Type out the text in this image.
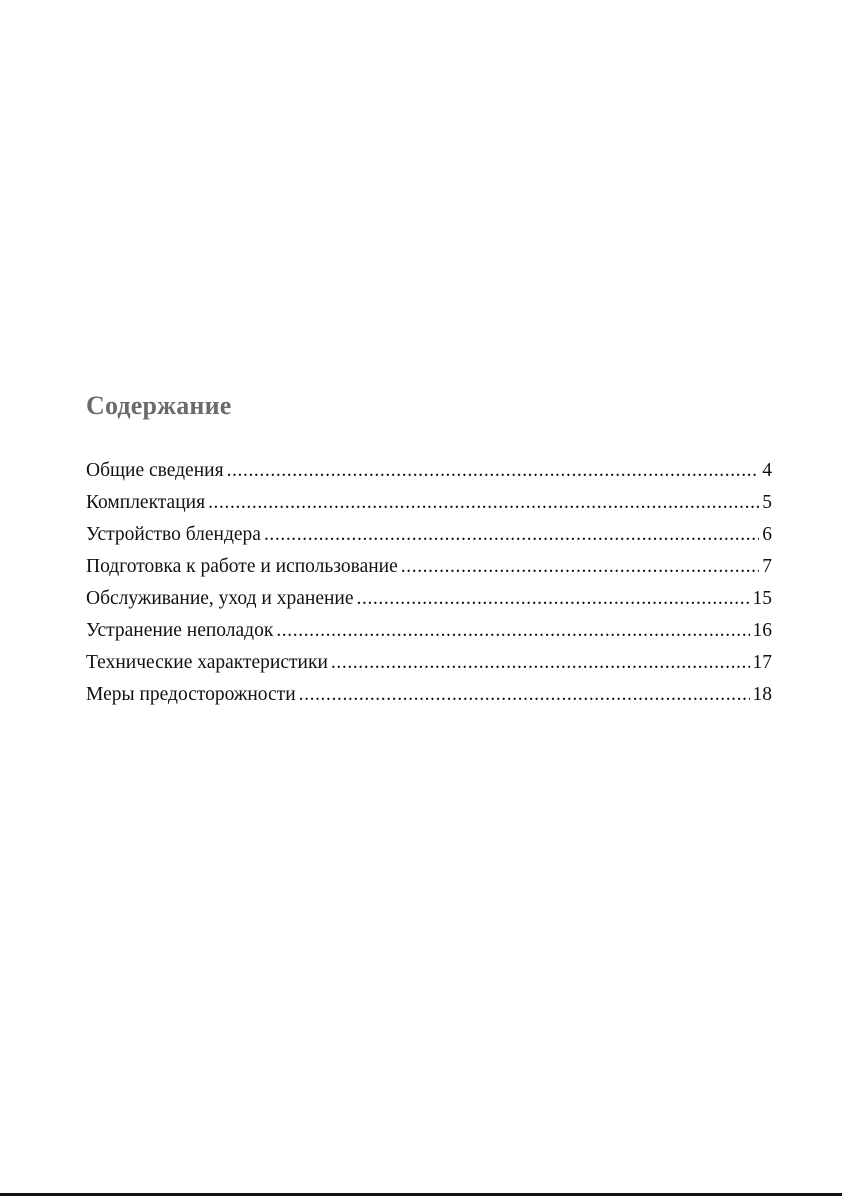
Содержание
Общие сведения .....	4
Комплектация .....	5
Устройство блендера .....	6
Подготовка к работе и использование .....	7
Обслуживание, уход и хранение .....	15
Устранение неполадок .....	16
Технические характеристики .....	17
Меры предосторожности .....	18
